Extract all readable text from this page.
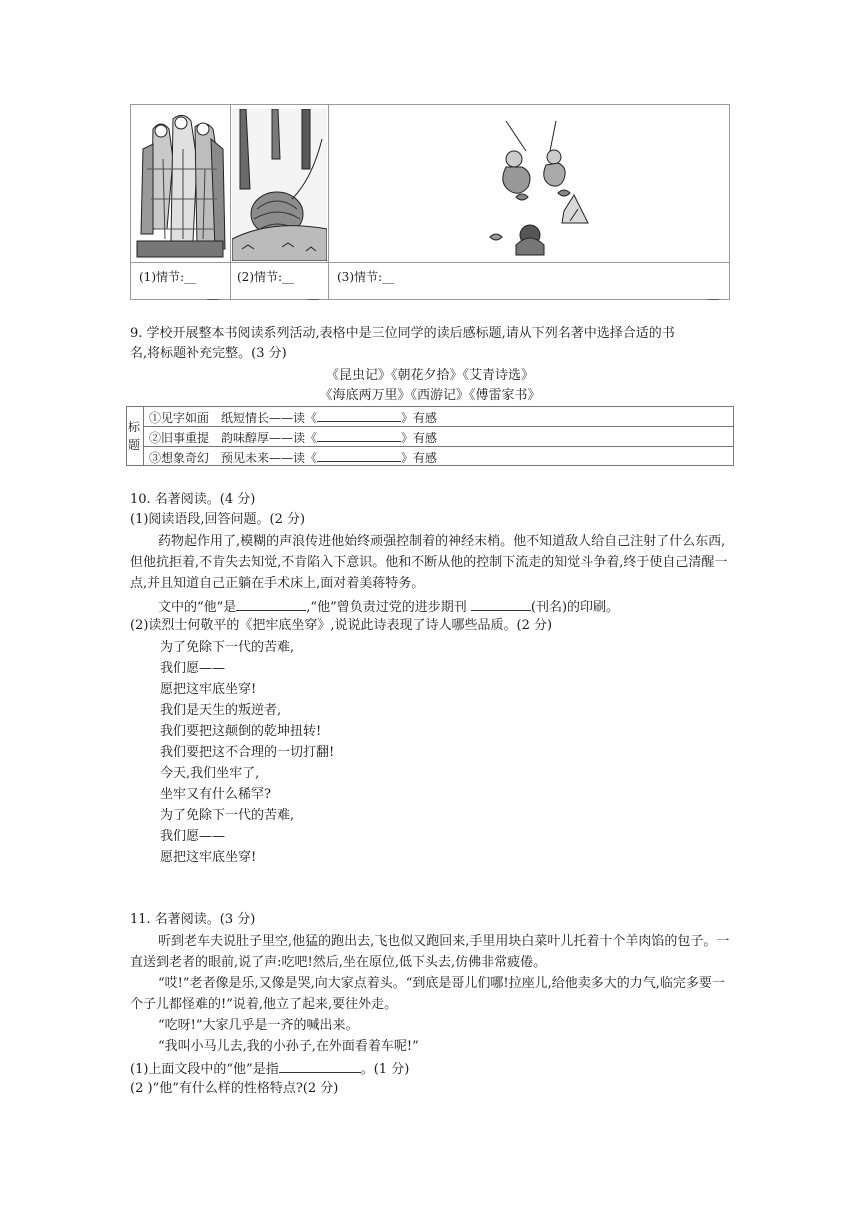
(1)情节:__	(2)情节:__	(3)情节:__
__	__	__
9. 学校开展整本书阅读系列活动,表格中是三位同学的读后感标题,请从下列名著中选择合适的书
名,将标题补充完整。(3 分)
《昆虫记》《朝花夕拾》《艾青诗选》
《海底两万里》《西游记》《傅雷家书》
标
题
①见字如面　纸短情长——读《	》有感
②旧事重提　韵味醇厚——读《	》有感
③想象奇幻　预见未来——读《	》有感
10. 名著阅读。(4 分)
(1)阅读语段,回答问题。(2 分)
药物起作用了,模糊的声浪传进他始终顽强控制着的神经末梢。他不知道敌人给自己注射了什么东西,但他抗拒着,不肯失去知觉,不肯陷入下意识。他和不断从他的控制下流走的知觉斗争着,终于使自己清醒一点,并且知道自己正躺在手术床上,面对着美蒋特务。
文中的“他”是	,“他”曾负责过党的进步期刊	(刊名)的印刷。
(2)读烈士何敬平的《把牢底坐穿》,说说此诗表现了诗人哪些品质。(2 分)
为了免除下一代的苦难,
我们愿——
愿把这牢底坐穿!
我们是天生的叛逆者,
我们要把这颠倒的乾坤扭转!
我们要把这不合理的一切打翻!
今天,我们坐牢了,
坐牢又有什么稀罕?
为了免除下一代的苦难,
我们愿——
愿把这牢底坐穿!
11. 名著阅读。(3 分)
听到老车夫说肚子里空,他猛的跑出去,飞也似又跑回来,手里用块白菜叶儿托着十个羊肉馅的包子。一直送到老者的眼前,说了声:吃吧!然后,坐在原位,低下头去,仿佛非常疲倦。
“哎!”老者像是乐,又像是哭,向大家点着头。“到底是哥儿们哪!拉座儿,给他卖多大的力气,临完多要一个子儿都怪难的!”说着,他立了起来,要往外走。
“吃呀!”大家几乎是一齐的喊出来。
“我叫小马儿去,我的小孙子,在外面看着车呢!”
(1)上面文段中的“他”是指	。(1 分)
(2 )“他”有什么样的性格特点?(2 分)
